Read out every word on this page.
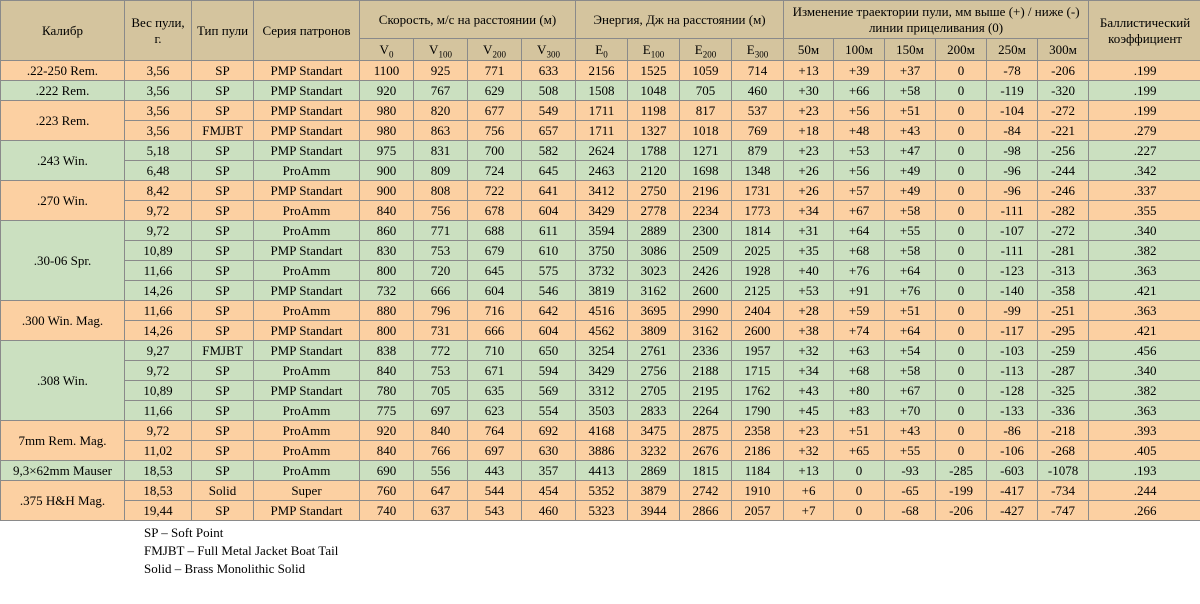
Калибр	Вес пули, г.	Тип пули	Серия патронов	Скорость, м/с на расстоянии (м)				Энергия, Дж на расстоянии (м)				Изменение траектории пули, мм выше (+) / ниже (-) линии прицеливания (0)						Баллистический коэффициент
				$V_0$	$V_{100}$	$V_{200}$	$V_{300}$	$E_0$	$E_{100}$	$E_{200}$	$E_{300}$	50м	100м	150м	200м	250м	300м	
.22-250 Rem.	3,56	SP	PMP Standart	1100	925	771	633	2156	1525	1059	714	+13	+39	+37	0	-78	-206	.199
.222 Rem.	3,56	SP	PMP Standart	920	767	629	508	1508	1048	705	460	+30	+66	+58	0	-119	-320	.199
.223 Rem.	3,56	SP	PMP Standart	980	820	677	549	1711	1198	817	537	+23	+56	+51	0	-104	-272	.199
	3,56	FMJBT	PMP Standart	980	863	756	657	1711	1327	1018	769	+18	+48	+43	0	-84	-221	.279
.243 Win.	5,18	SP	PMP Standart	975	831	700	582	2624	1788	1271	879	+23	+53	+47	0	-98	-256	.227
	6,48	SP	ProAmm	900	809	724	645	2463	2120	1698	1348	+26	+56	+49	0	-96	-244	.342
.270 Win.	8,42	SP	PMP Standart	900	808	722	641	3412	2750	2196	1731	+26	+57	+49	0	-96	-246	.337
	9,72	SP	ProAmm	840	756	678	604	3429	2778	2234	1773	+34	+67	+58	0	-111	-282	.355
.30-06 Spr.	9,72	SP	ProAmm	860	771	688	611	3594	2889	2300	1814	+31	+64	+55	0	-107	-272	.340
	10,89	SP	PMP Standart	830	753	679	610	3750	3086	2509	2025	+35	+68	+58	0	-111	-281	.382
	11,66	SP	ProAmm	800	720	645	575	3732	3023	2426	1928	+40	+76	+64	0	-123	-313	.363
	14,26	SP	PMP Standart	732	666	604	546	3819	3162	2600	2125	+53	+91	+76	0	-140	-358	.421
.300 Win. Mag.	11,66	SP	ProAmm	880	796	716	642	4516	3695	2990	2404	+28	+59	+51	0	-99	-251	.363
	14,26	SP	PMP Standart	800	731	666	604	4562	3809	3162	2600	+38	+74	+64	0	-117	-295	.421
.308 Win.	9,27	FMJBT	PMP Standart	838	772	710	650	3254	2761	2336	1957	+32	+63	+54	0	-103	-259	.456
	9,72	SP	ProAmm	840	753	671	594	3429	2756	2188	1715	+34	+68	+58	0	-113	-287	.340
	10,89	SP	PMP Standart	780	705	635	569	3312	2705	2195	1762	+43	+80	+67	0	-128	-325	.382
	11,66	SP	ProAmm	775	697	623	554	3503	2833	2264	1790	+45	+83	+70	0	-133	-336	.363
7mm Rem. Mag.	9,72	SP	ProAmm	920	840	764	692	4168	3475	2875	2358	+23	+51	+43	0	-86	-218	.393
	11,02	SP	ProAmm	840	766	697	630	3886	3232	2676	2186	+32	+65	+55	0	-106	-268	.405
9,3×62mm Mauser	18,53	SP	ProAmm	690	556	443	357	4413	2869	1815	1184	+13	0	-93	-285	-603	-1078	.193
.375 H&H Mag.	18,53	Solid	Super	760	647	544	454	5352	3879	2742	1910	+6	0	-65	-199	-417	-734	.244
	19,44	SP	PMP Standart	740	637	543	460	5323	3944	2866	2057	+7	0	-68	-206	-427	-747	.266
SP – Soft Point
FMJBT – Full Metal Jacket Boat Tail
Solid – Brass Monolithic Solid
